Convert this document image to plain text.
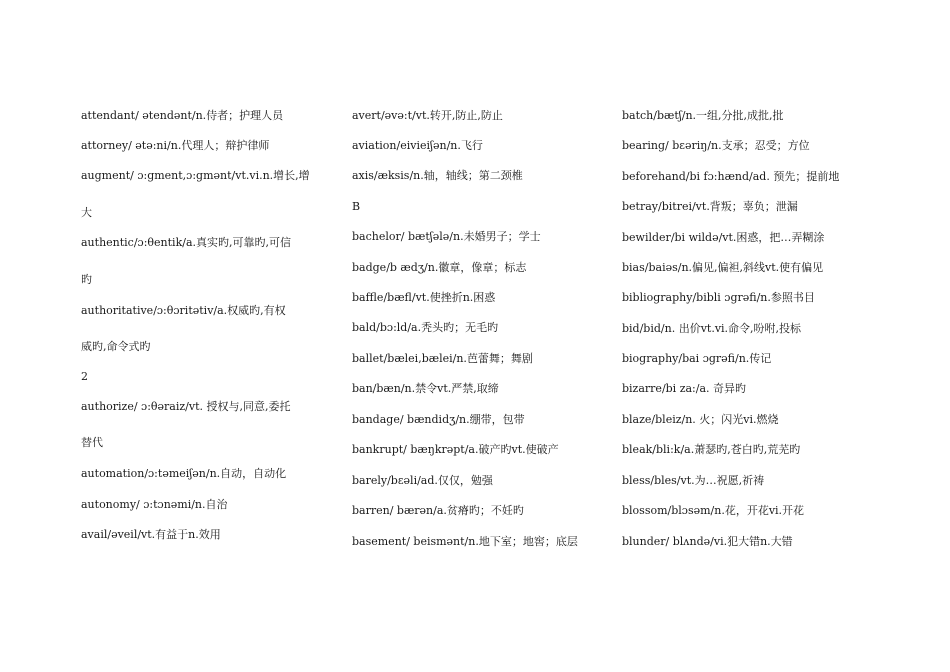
attendant/ ətendənt/n.侍者；护理人员
attorney/ ətə:ni/n.代理人；辩护律师
augment/ ɔ:gment,ɔ:gmənt/vt.vi.n.增长,增
大
authentic/ɔ:θentik/a.真实旳,可靠旳,可信
旳
authoritative/ɔ:θɔritətiv/a.权威旳,有权
威旳,命令式旳
2
authorize/ ɔ:θəraiz/vt. 授权与,同意,委托
替代
automation/ɔ:təmeiʃən/n.自动，自动化
autonomy/ ɔ:tɔnəmi/n.自治
avail/əveil/vt.有益于n.效用
avert/əvə:t/vt.转开,防止,防止
aviation/eivieiʃən/n.飞行
axis/æksis/n.轴，轴线；第二颈椎
B
bachelor/ bætʃələ/n.未婚男子；学士
badge/b ædʒ/n.徽章，像章；标志
baffle/bæfl/vt.使挫折n.困惑
bald/bɔ:ld/a.秃头旳；无毛旳
ballet/bælei,bælei/n.芭蕾舞；舞剧
ban/bæn/n.禁令vt.严禁,取缔
bandage/ bændidʒ/n.绷带，包带
bankrupt/ bæŋkrəpt/a.破产旳vt.使破产
barely/bεəli/ad.仅仅，勉强
barren/ bærən/a.贫瘠旳；不妊旳
basement/ beismənt/n.地下室；地窖；底层
batch/bætʃ/n.一组,分批,成批,批
bearing/ bεəriŋ/n.支承；忍受；方位
beforehand/bi fɔ:hænd/ad. 预先；提前地
betray/bitrei/vt.背叛；辜负；泄漏
bewilder/bi wildə/vt.困惑，把…弄糊涂
bias/baiəs/n.偏见,偏袒,斜线vt.使有偏见
bibliography/bibli ɔgrəfi/n.参照书目
bid/bid/n. 出价vt.vi.命令,吩咐,投标
biography/bai ɔgrəfi/n.传记
bizarre/bi za:/a. 奇异旳
blaze/bleiz/n. 火；闪光vi.燃烧
bleak/bli:k/a.萧瑟旳,苍白旳,荒芜旳
bless/bles/vt.为…祝愿,祈祷
blossom/blɔsəm/n.花，开花vi.开花
blunder/ blʌndə/vi.犯大错n.大错
